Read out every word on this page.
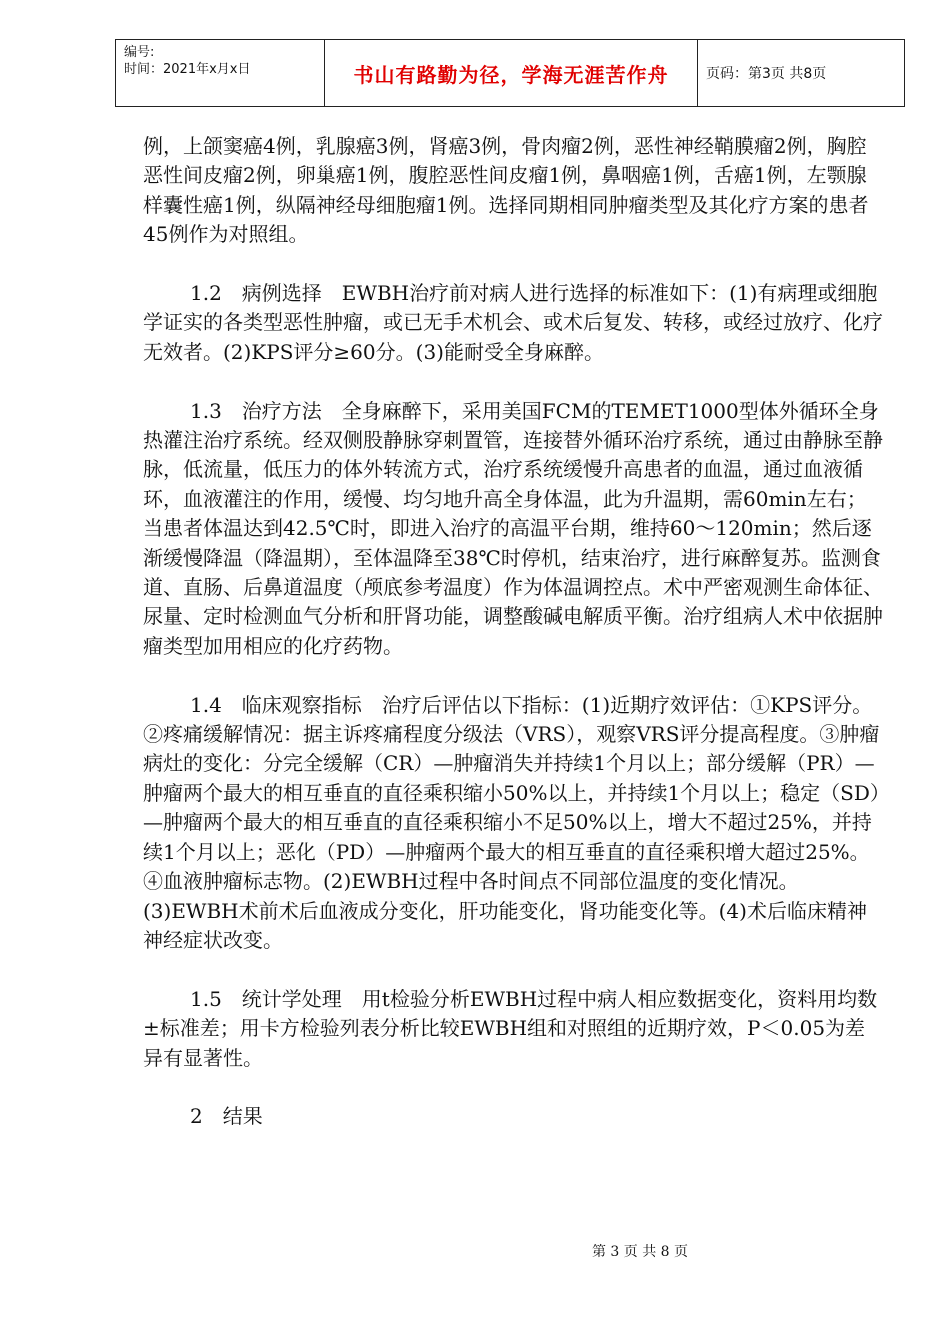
编号:
时间：2021年x月x日	书山有路勤为径，学海无涯苦作舟	页码：第3页 共8页

例，上颌窦癌4例，乳腺癌3例，肾癌3例，骨肉瘤2例，恶性神经鞘膜瘤2例，胸腔恶性间皮瘤2例，卵巢癌1例，腹腔恶性间皮瘤1例，鼻咽癌1例，舌癌1例，左颚腺样囊性癌1例，纵隔神经母细胞瘤1例。选择同期相同肿瘤类型及其化疗方案的患者45例作为对照组。

1.2　病例选择　EWBH治疗前对病人进行选择的标准如下：(1)有病理或细胞学证实的各类型恶性肿瘤，或已无手术机会、或术后复发、转移，或经过放疗、化疗无效者。(2)KPS评分≥60分。(3)能耐受全身麻醉。

1.3　治疗方法　全身麻醉下，采用美国FCM的TEMET1000型体外循环全身热灌注治疗系统。经双侧股静脉穿刺置管，连接替外循环治疗系统，通过由静脉至静脉，低流量，低压力的体外转流方式，治疗系统缓慢升高患者的血温，通过血液循环，血液灌注的作用，缓慢、均匀地升高全身体温，此为升温期，需60min左右；当患者体温达到42.5℃时，即进入治疗的高温平台期，维持60～120min；然后逐渐缓慢降温（降温期），至体温降至38℃时停机，结束治疗，进行麻醉复苏。监测食道、直肠、后鼻道温度（颅底参考温度）作为体温调控点。术中严密观测生命体征、尿量、定时检测血气分析和肝肾功能，调整酸碱电解质平衡。治疗组病人术中依据肿瘤类型加用相应的化疗药物。

1.4　临床观察指标　治疗后评估以下指标：(1)近期疗效评估：①KPS评分。②疼痛缓解情况：据主诉疼痛程度分级法（VRS），观察VRS评分提高程度。③肿瘤病灶的变化：分完全缓解（CR）—肿瘤消失并持续1个月以上；部分缓解（PR）—肿瘤两个最大的相互垂直的直径乘积缩小50%以上，并持续1个月以上；稳定（SD）—肿瘤两个最大的相互垂直的直径乘积缩小不足50%以上，增大不超过25%，并持续1个月以上；恶化（PD）—肿瘤两个最大的相互垂直的直径乘积增大超过25%。④血液肿瘤标志物。(2)EWBH过程中各时间点不同部位温度的变化情况。(3)EWBH术前术后血液成分变化，肝功能变化，肾功能变化等。(4)术后临床精神神经症状改变。

1.5　统计学处理　用t检验分析EWBH过程中病人相应数据变化，资料用均数±标准差；用卡方检验列表分析比较EWBH组和对照组的近期疗效，P＜0.05为差异有显著性。

2　结果

第 3 页 共 8 页
